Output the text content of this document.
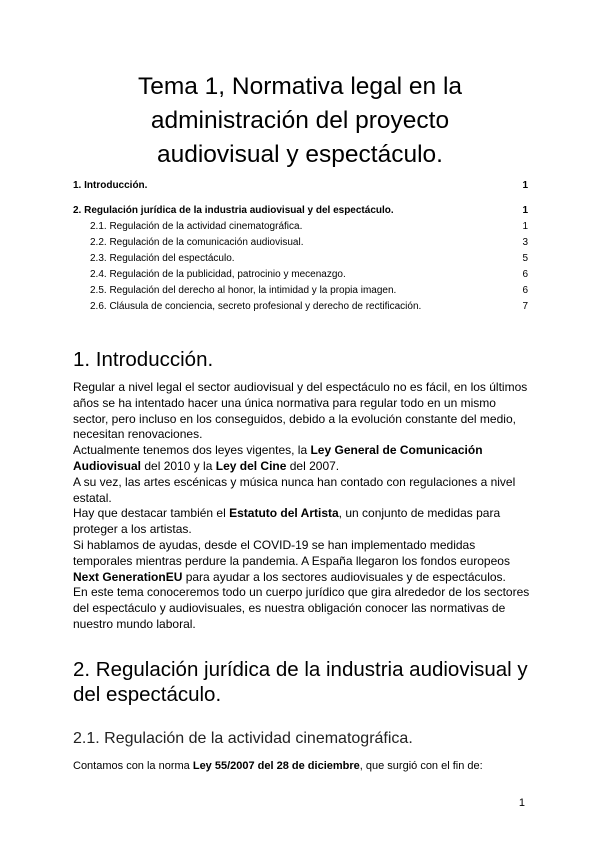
Tema 1, Normativa legal en la
administración del proyecto
audiovisual y espectáculo.
1. Introducción.	1
2. Regulación jurídica de la industria audiovisual y del espectáculo.	1
2.1. Regulación de la actividad cinematográfica.	1
2.2. Regulación de la comunicación audiovisual.	3
2.3. Regulación del espectáculo.	5
2.4. Regulación de la publicidad, patrocinio y mecenazgo.	6
2.5. Regulación del derecho al honor, la intimidad y la propia imagen.	6
2.6. Cláusula de conciencia, secreto profesional y derecho de rectificación.	7
1. Introducción.

Regular a nivel legal el sector audiovisual y del espectáculo no es fácil, en los últimos años se ha intentado hacer una única normativa para regular todo en un mismo sector, pero incluso en los conseguidos, debido a la evolución constante del medio, necesitan renovaciones.

Actualmente tenemos dos leyes vigentes, la Ley General de Comunicación Audiovisual del 2010 y la Ley del Cine del 2007.

A su vez, las artes escénicas y música nunca han contado con regulaciones a nivel estatal.

Hay que destacar también el Estatuto del Artista, un conjunto de medidas para proteger a los artistas.

Si hablamos de ayudas, desde el COVID-19 se han implementado medidas temporales mientras perdure la pandemia. A España llegaron los fondos europeos Next GenerationEU para ayudar a los sectores audiovisuales y de espectáculos.

En este tema conoceremos todo un cuerpo jurídico que gira alrededor de los sectores del espectáculo y audiovisuales, es nuestra obligación conocer las normativas de nuestro mundo laboral.

2. Regulación jurídica de la industria audiovisual y
del espectáculo.
2.1. Regulación de la actividad cinematográfica.
Contamos con la norma Ley 55/2007 del 28 de diciembre, que surgió con el fin de:
1
